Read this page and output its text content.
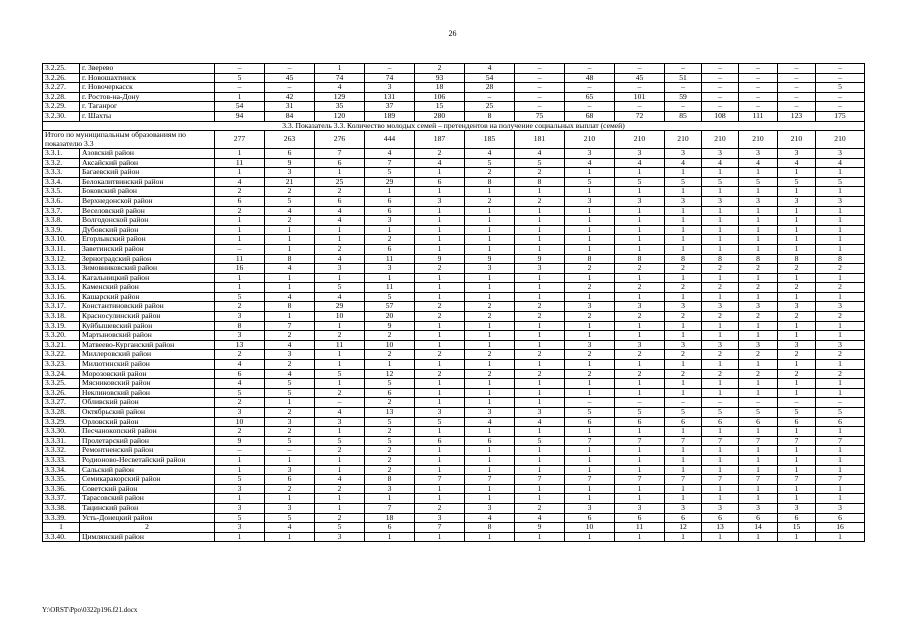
26
3.2.25.	г. Зверево	–	–	1	–	2	4	–	–	–	–	–	–	–	–
3.2.26.	г. Новошахтинск	5	45	74	74	93	54	–	48	45	51	–	–	–	–
3.2.27.	г. Новочеркасск	–	–	4	3	18	28	–	–	–	–	–	–	–	5
3.2.28.	г. Ростов-на-Дону	1	42	129	131	106	–	–	65	101	59	–	–	–	–
3.2.29.	г. Таганрог	54	31	35	37	15	25	–	–	–	–	–	–	–	–
3.2.30.	г. Шахты	94	84	120	189	280	8	75	68	72	85	108	111	123	175
3.3. Показатель 3.3. Количество молодых семей – претендентов на получение социальных выплат (семей)															
Итого по муниципальным образованиям по показателю 3.3		277	263	276	444	187	185	181	210	210	210	210	210	210	210
3.3.1.	Азовский район	1	6	7	4	2	4	4	3	3	3	3	3	3	3
3.3.2.	Аксайский район	11	9	6	7	4	5	5	4	4	4	4	4	4	4
3.3.3.	Багаевский район	1	3	1	5	1	2	2	1	1	1	1	1	1	1
3.3.4.	Белокалитвинский район	4	21	25	29	6	8	8	5	5	5	5	5	5	5
3.3.5.	Боковский район	2	2	2	1	1	1	1	1	1	1	1	1	1	1
3.3.6.	Верхнедонской район	6	5	6	6	3	2	2	3	3	3	3	3	3	3
3.3.7.	Веселовский район	2	4	4	6	1	1	1	1	1	1	1	1	1	1
3.3.8.	Волгодонской район	1	2	4	3	1	1	1	1	1	1	1	1	1	1
3.3.9.	Дубовский район	1	1	1	1	1	1	1	1	1	1	1	1	1	1
3.3.10.	Егорлыкский район	1	1	1	2	1	1	1	1	1	1	1	1	1	1
3.3.11.	Заветинский район	–	1	2	6	1	1	1	1	1	1	1	1	1	1
3.3.12.	Зерноградский район	11	8	4	11	9	9	9	8	8	8	8	8	8	8
3.3.13.	Зимовниковский район	16	4	3	3	2	3	3	2	2	2	2	2	2	2
3.3.14.	Кагальницкий район	1	1	1	1	1	1	1	1	1	1	1	1	1	1
3.3.15.	Каменский район	1	1	5	11	1	1	1	2	2	2	2	2	2	2
3.3.16.	Кашарский район	5	4	4	5	1	1	1	1	1	1	1	1	1	1
3.3.17.	Константиновский район	2	8	29	57	2	2	2	3	3	3	3	3	3	3
3.3.18.	Красносулинский район	3	1	10	20	2	2	2	2	2	2	2	2	2	2
3.3.19.	Куйбышевский район	8	7	1	9	1	1	1	1	1	1	1	1	1	1
3.3.20.	Мартыновский район	3	2	2	2	1	1	1	1	1	1	1	1	1	1
3.3.21.	Матвеево-Курганский район	13	4	11	10	1	1	1	3	3	3	3	3	3	3
3.3.22.	Миллеровский район	2	3	1	2	2	2	2	2	2	2	2	2	2	2
3.3.23.	Милютинский район	4	2	1	1	1	1	1	1	1	1	1	1	1	1
3.3.24.	Морозовский район	6	4	5	12	2	2	2	2	2	2	2	2	2	2
3.3.25.	Мясниковский район	4	5	1	5	1	1	1	1	1	1	1	1	1	1
3.3.26.	Неклиновский район	5	5	2	6	1	1	1	1	1	1	1	1	1	1
3.3.27.	Обливский район	2	1	–	2	1	1	1	–	–	–	–	–	–	–
3.3.28.	Октябрьский район	3	2	4	13	3	3	3	5	5	5	5	5	5	5
3.3.29.	Орловский район	10	3	3	5	5	4	4	6	6	6	6	6	6	6
3.3.30.	Песчанокопский район	2	2	1	2	1	1	1	1	1	1	1	1	1	1
3.3.31.	Пролетарский район	9	5	5	5	6	6	5	7	7	7	7	7	7	7
3.3.32.	Ремонтненский район	–	–	2	2	1	1	1	1	1	1	1	1	1	1
3.3.33.	Родионово-Несветайский район	1	1	1	2	1	1	1	1	1	1	1	1	1	1
3.3.34.	Сальский район	1	3	1	2	1	1	1	1	1	1	1	1	1	1
3.3.35.	Семикаракорский район	5	6	4	8	7	7	7	7	7	7	7	7	7	7
3.3.36.	Советский район	3	2	2	3	1	1	1	1	1	1	1	1	1	1
3.3.37.	Тарасовский район	1	1	1	1	1	1	1	1	1	1	1	1	1	1
3.3.38.	Тацинский район	3	3	1	7	2	3	2	3	3	3	3	3	3	3
3.3.39.	Усть-Донецкий район	5	5	2	18	3	4	4	6	6	6	6	6	6	6
1	2	3	4	5	6	7	8	9	10	11	12	13	14	15	16
3.3.40.	Цимлянский район	1	1	3	1	1	1	1	1	1	1	1	1	1	1
Y:\ORST\Ppo\0322p196.f21.docx
